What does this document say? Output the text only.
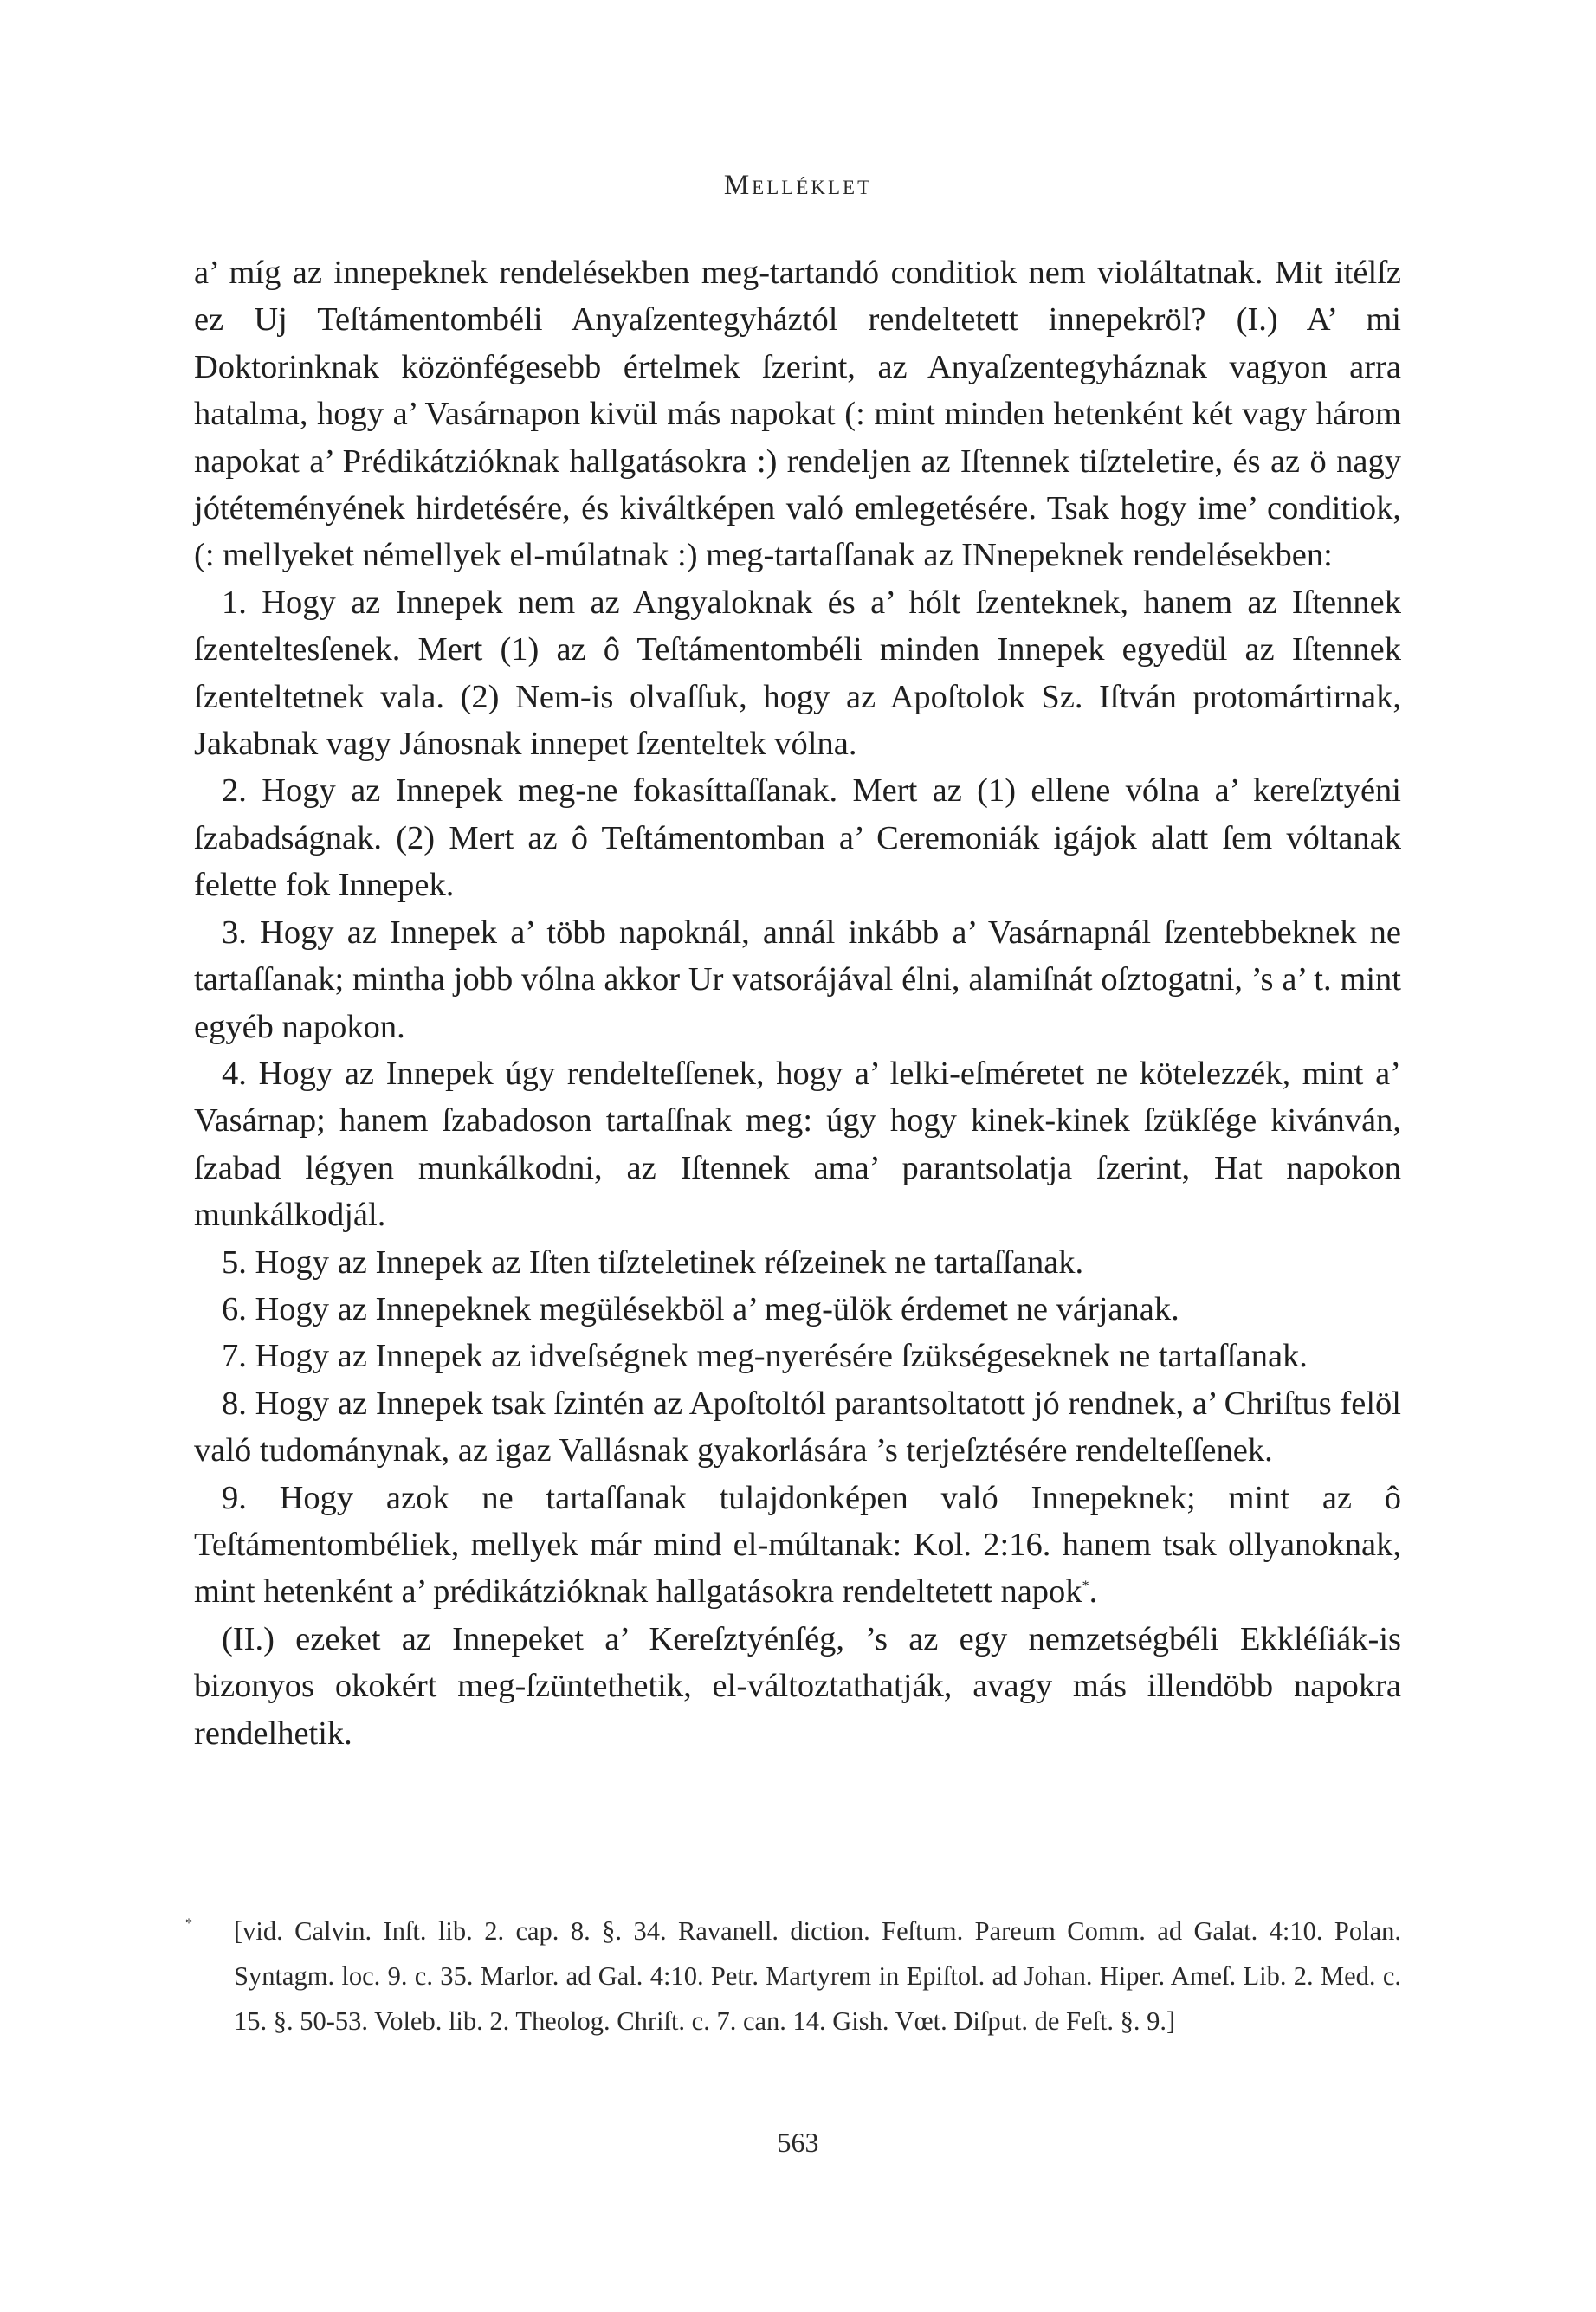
Melléklet

a’ míg az innepeknek rendelésekben meg-tartandó conditiok nem violáltatnak. Mit itélſz ez Uj Teſtámentombéli Anyaſzentegyháztól rendeltetett innepekröl? (I.) A’ mi Doktorinknak közönfégesebb értelmek ſzerint, az Anyaſzentegyháznak vagyon arra hatalma, hogy a’ Vasárnapon kivül más napokat (: mint minden hetenként két vagy három napokat a’ Prédikátzióknak hallgatásokra :) rendeljen az Iſtennek tiſzteletire, és az ö nagy jótéteményének hirdetésére, és kiváltképen való emlegetésére. Tsak hogy ime’ conditiok, (: mellyeket némellyek el-múlatnak :) meg-tartaſſanak az INnepeknek rendelésekben:

1. Hogy az Innepek nem az Angyaloknak és a’ hólt ſzenteknek, hanem az Iſtennek ſzenteltesſenek. Mert (1) az ô Teſtámentombéli minden Innepek egyedül az Iſtennek ſzenteltetnek vala. (2) Nem-is olvaſſuk, hogy az Apoſtolok Sz. Iſtván protomártirnak, Jakabnak vagy Jánosnak innepet ſzenteltek vólna.

2. Hogy az Innepek meg-ne fokasíttaſſanak. Mert az (1) ellene vólna a’ kereſztyéni ſzabadságnak. (2) Mert az ô Teſtámentomban a’ Ceremoniák igájok alatt ſem vóltanak felette fok Innepek.

3. Hogy az Innepek a’ több napoknál, annál inkább a’ Vasárnapnál ſzentebbeknek ne tartaſſanak; mintha jobb vólna akkor Ur vatsorájával élni, alamiſnát oſztogatni, ’s a’ t. mint egyéb napokon.

4. Hogy az Innepek úgy rendelteſſenek, hogy a’ lelki-eſméretet ne kötelezzék, mint a’ Vasárnap; hanem ſzabadoson tartaſſnak meg: úgy hogy kinek-kinek ſzükſége kivánván, ſzabad légyen munkálkodni, az Iſtennek ama’ parantsolatja ſzerint, Hat napokon munkálkodjál.

5. Hogy az Innepek az Iſten tiſzteletinek réſzeinek ne tartaſſanak.

6. Hogy az Innepeknek megülésekböl a’ meg-ülök érdemet ne várjanak.

7. Hogy az Innepek az idveſségnek meg-nyerésére ſzükségeseknek ne tartaſſanak.

8. Hogy az Innepek tsak ſzintén az Apoſtoltól parantsoltatott jó rendnek, a’ Chriſtus felöl való tudománynak, az igaz Vallásnak gyakorlására ’s terjeſztésére rendelteſſenek.

9. Hogy azok ne tartaſſanak tulajdonképen való Innepeknek; mint az ô Teſtámentombéliek, mellyek már mind el-múltanak: Kol. 2:16. hanem tsak ollyanoknak, mint hetenként a’ prédikátzióknak hallgatásokra rendeltetett napok*.

(II.) ezeket az Innepeket a’ Kereſztyénſég, ’s az egy nemzetségbéli Ekkléſiák-is bizonyos okokért meg-ſzüntethetik, el-változtathatják, avagy más illendöbb napokra rendelhetik.

* [vid. Calvin. Inſt. lib. 2. cap. 8. §. 34. Ravanell. diction. Feſtum. Pareum Comm. ad Galat. 4:10. Polan. Syntagm. loc. 9. c. 35. Marlor. ad Gal. 4:10. Petr. Martyrem in Epiſtol. ad Johan. Hiper. Ameſ. Lib. 2. Med. c. 15. §. 50-53. Voleb. lib. 2. Theolog. Chriſt. c. 7. can. 14. Gish. Vœt. Diſput. de Feſt. §. 9.]

563
